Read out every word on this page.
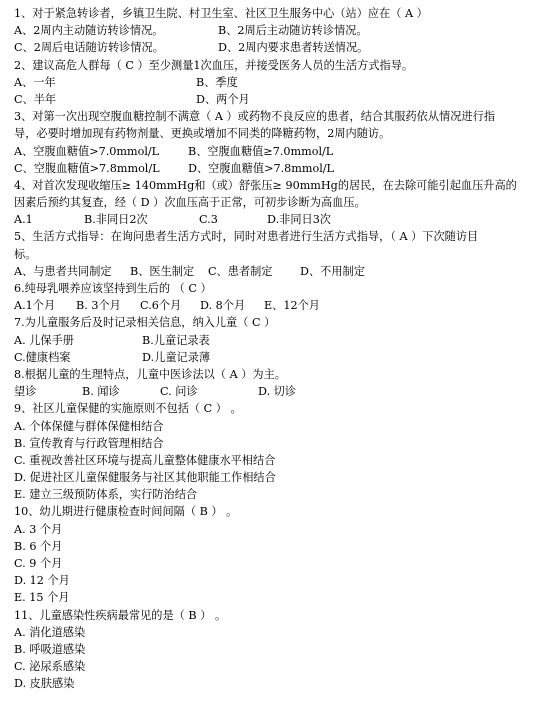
1、对于紧急转诊者，乡镇卫生院、村卫生室、社区卫生服务中心（站）应在（ A ）
A、2周内主动随访转诊情况。	B、2周后主动随访转诊情况。
C、2周后电话随访转诊情况。	D、2周内要求患者转送情况。
2、建议高危人群每（ C ）至少测量1次血压，并接受医务人员的生活方式指导。
A、一年	B、季度
C、半年	D、两个月
3、对第一次出现空腹血糖控制不满意（ A ）或药物不良反应的患者，结合其服药依从情况进行指
导，必要时增加现有药物剂量、更换或增加不同类的降糖药物，2周内随访。
A、空腹血糖值>7.0mmol/L	B、空腹血糖值≥7.0mmol/L
C、空腹血糖值>7.8mmol/L	D、空腹血糖值>7.8mmol/L
4、对首次发现收缩压≥ 140mmHg和（或）舒张压≥ 90mmHg的居民，在去除可能引起血压升高的
因素后预约其复查，经（ D ）次血压高于正常，可初步诊断为高血压。
A.1	B.非同日2次	C.3	D.非同日3次
5、生活方式指导：在询问患者生活方式时，同时对患者进行生活方式指导，（ A ）下次随访目
标。
A、与患者共同制定	B、医生制定	C、患者制定	D、不用制定
6.纯母乳喂养应该坚持到生后的 （ C ）
A.1个月	B. 3个月	C.6个月	D. 8个月	E、12个月
7.为儿童服务后及时记录相关信息，纳入儿童（ C ）
A. 儿保手册	B.儿童记录表
C.健康档案	D.儿童记录薄
8.根据儿童的生理特点，儿童中医诊法以（ A ）为主。
望诊	B. 闻诊	C. 问诊	D. 切诊
9、社区儿童保健的实施原则不包括（ C ） 。
A. 个体保健与群体保健相结合
B. 宣传教育与行政管理相结合
C. 重视改善社区环境与提高儿童整体健康水平相结合
D. 促进社区儿童保健服务与社区其他职能工作相结合
E. 建立三级预防体系，实行防治结合
10、幼儿期进行健康检查时间间隔（ B ） 。
A. 3 个月
B. 6 个月
C. 9 个月
D. 12 个月
E. 15 个月
11、儿童感染性疾病最常见的是（ B ） 。
A. 消化道感染
B. 呼吸道感染
C. 泌尿系感染
D. 皮肤感染
